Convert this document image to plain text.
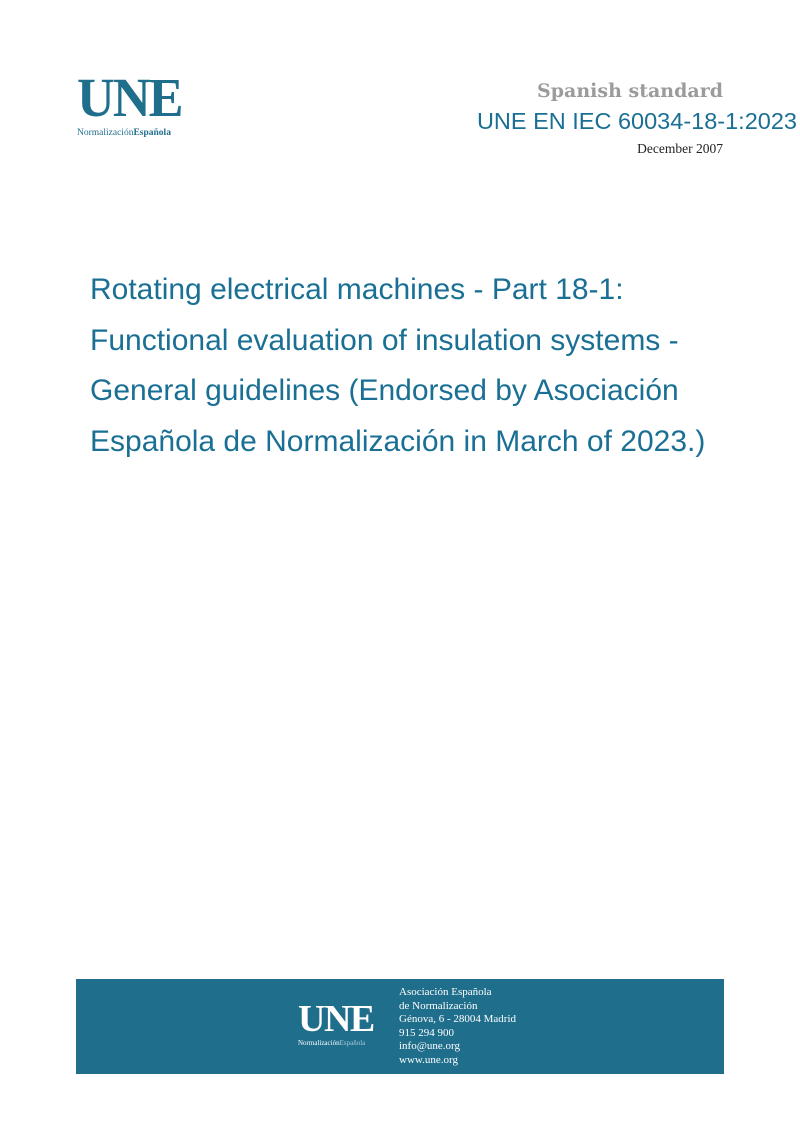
UNE
NormalizaciónEspañola
Spanish standard
UNE EN IEC 60034-18-1:2023
December 2007
Rotating electrical machines - Part 18-1: Functional evaluation of insulation systems - General guidelines (Endorsed by Asociación Española de Normalización in March of 2023.)
UNE
NormalizaciónEspañola
Asociación Española
de Normalización
Génova, 6 - 28004 Madrid
915 294 900
info@une.org
www.une.org
